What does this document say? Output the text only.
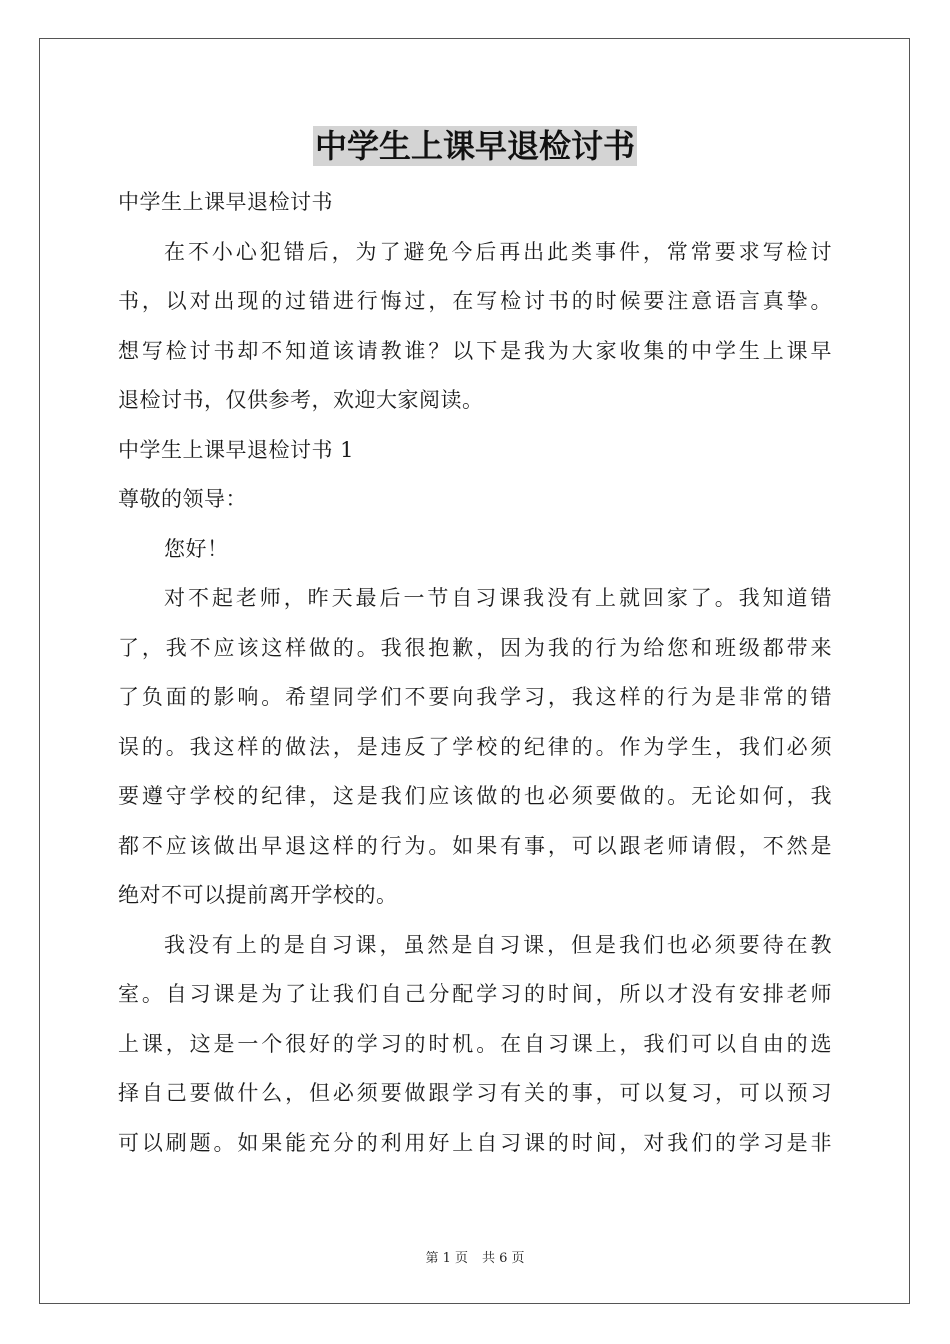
中学生上课早退检讨书
中学生上课早退检讨书
在不小心犯错后，为了避免今后再出此类事件，常常要求写检讨
书，以对出现的过错进行悔过，在写检讨书的时候要注意语言真挚。
想写检讨书却不知道该请教谁？以下是我为大家收集的中学生上课早
退检讨书，仅供参考，欢迎大家阅读。
中学生上课早退检讨书 1
尊敬的领导：
您好！
对不起老师，昨天最后一节自习课我没有上就回家了。我知道错
了，我不应该这样做的。我很抱歉，因为我的行为给您和班级都带来
了负面的影响。希望同学们不要向我学习，我这样的行为是非常的错
误的。我这样的做法，是违反了学校的纪律的。作为学生，我们必须
要遵守学校的纪律，这是我们应该做的也必须要做的。无论如何，我
都不应该做出早退这样的行为。如果有事，可以跟老师请假，不然是
绝对不可以提前离开学校的。
我没有上的是自习课，虽然是自习课，但是我们也必须要待在教
室。自习课是为了让我们自己分配学习的时间，所以才没有安排老师
上课，这是一个很好的学习的时机。在自习课上，我们可以自由的选
择自己要做什么，但必须要做跟学习有关的事，可以复习，可以预习
可以刷题。如果能充分的利用好上自习课的时间，对我们的学习是非
第 1 页 共 6 页
